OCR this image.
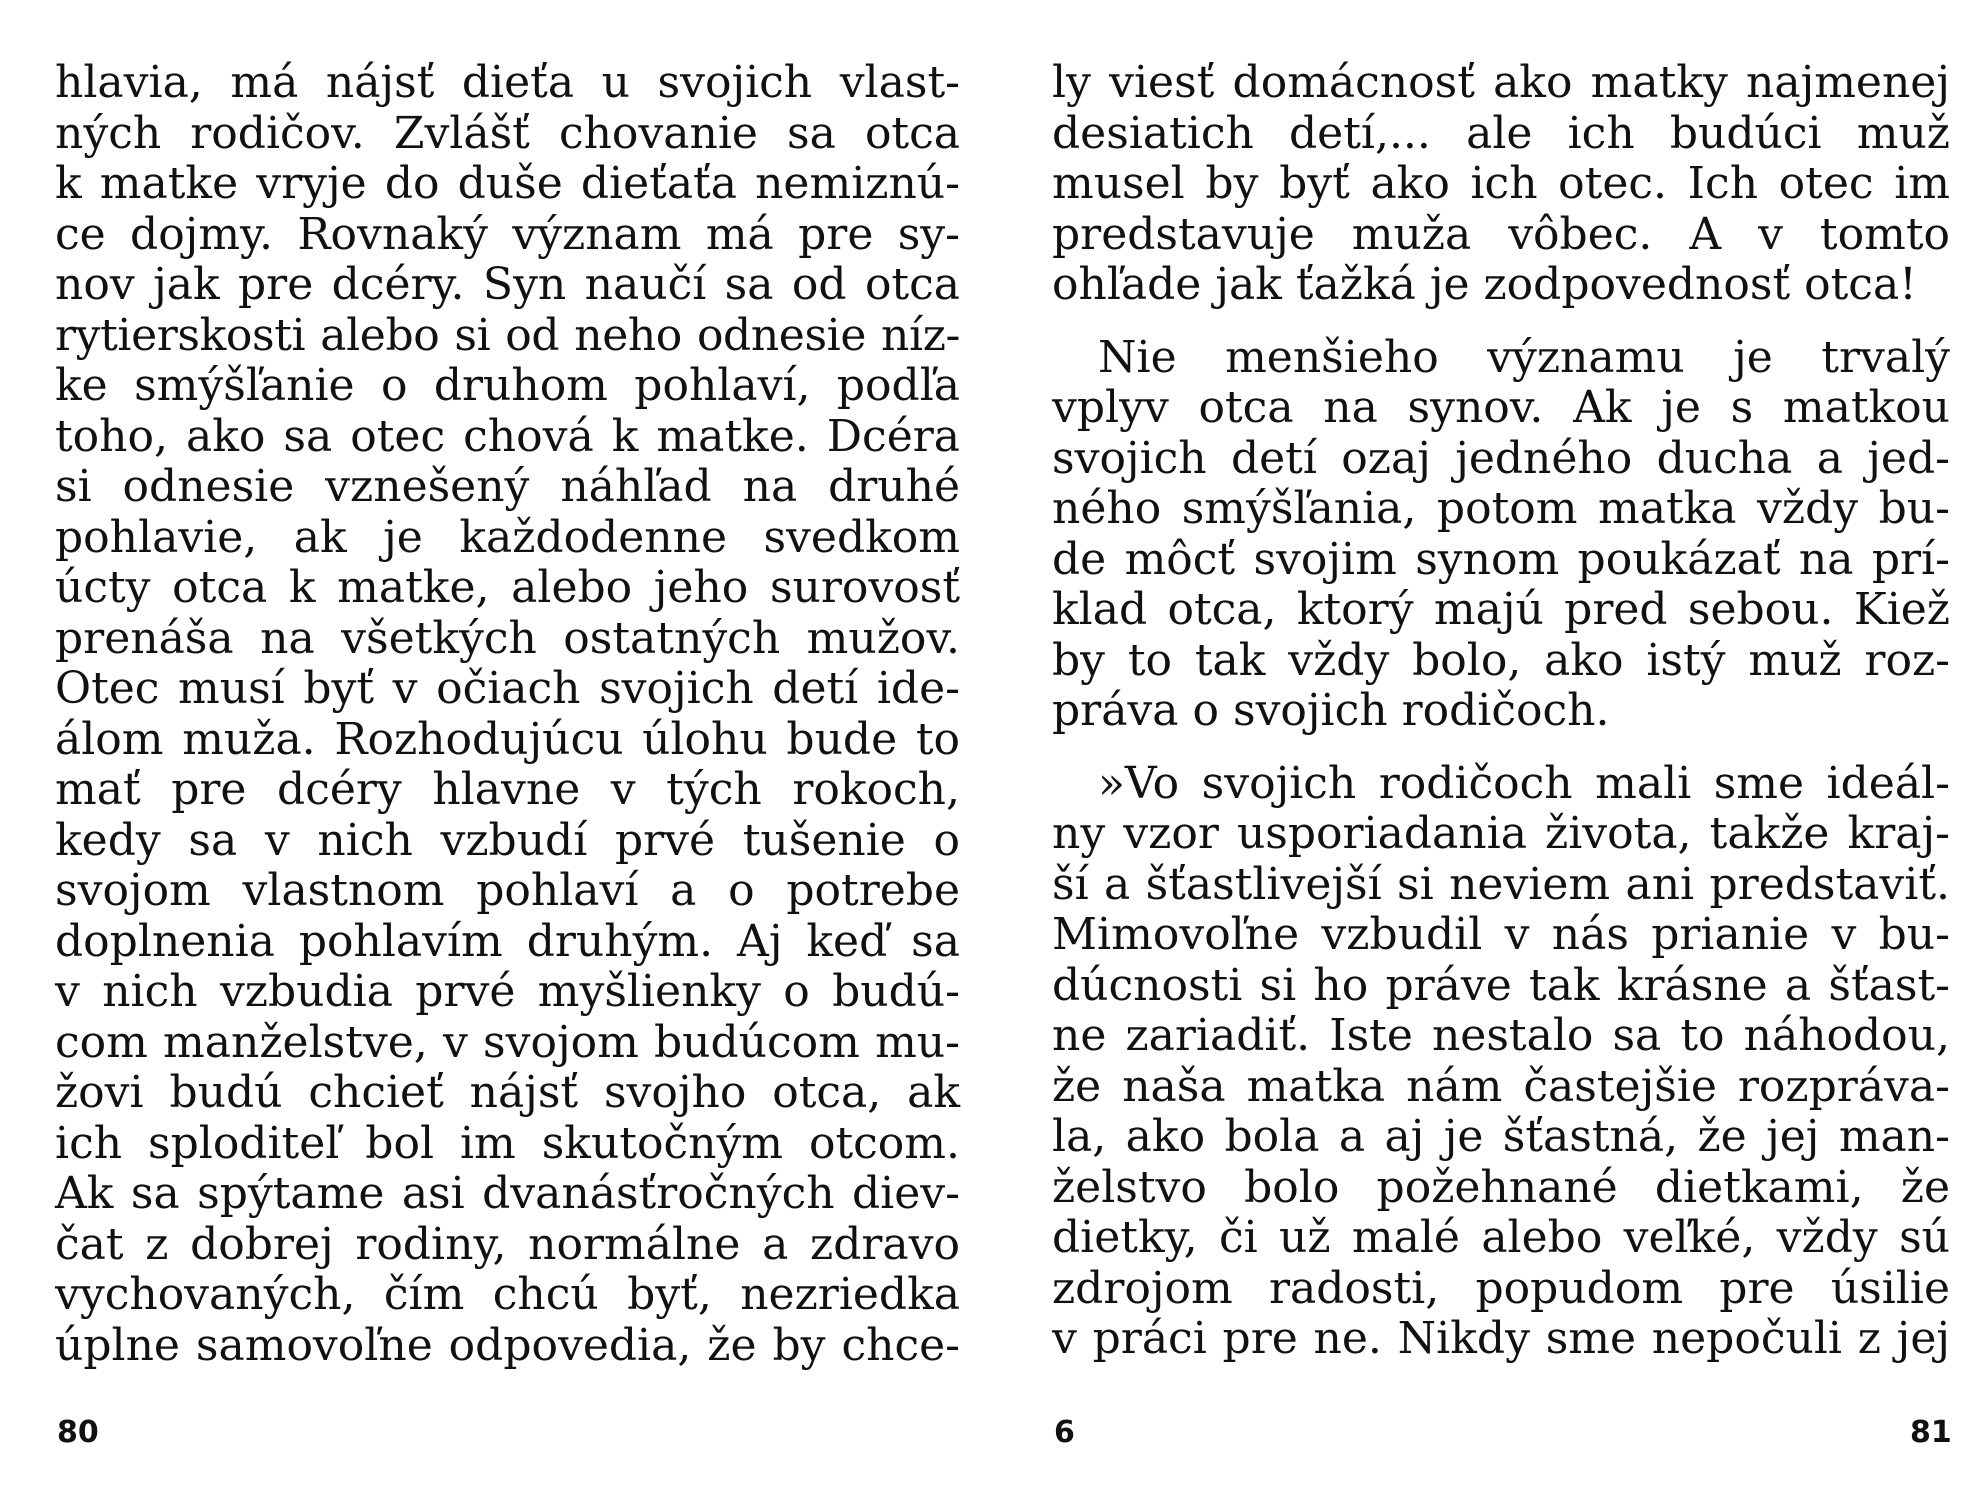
hlavia, má nájsť dieťa u svojich vlast-
ných rodičov. Zvlášť chovanie sa otca
k matke vryje do duše dieťaťa nemiznú-
ce dojmy. Rovnaký význam má pre sy-
nov jak pre dcéry. Syn naučí sa od otca
rytierskosti alebo si od neho odnesie níz-
ke smýšľanie o druhom pohlaví, podľa
toho, ako sa otec chová k matke. Dcéra
si odnesie vznešený náhľad na druhé
pohlavie, ak je každodenne svedkom
úcty otca k matke, alebo jeho surovosť
prenáša na všetkých ostatných mužov.
Otec musí byť v očiach svojich detí ide-
álom muža. Rozhodujúcu úlohu bude to
mať pre dcéry hlavne v tých rokoch,
kedy sa v nich vzbudí prvé tušenie o
svojom vlastnom pohlaví a o potrebe
doplnenia pohlavím druhým. Aj keď sa
v nich vzbudia prvé myšlienky o budú-
com manželstve, v svojom budúcom mu-
žovi budú chcieť nájsť svojho otca, ak
ich sploditeľ bol im skutočným otcom.
Ak sa spýtame asi dvanásťročných diev-
čat z dobrej rodiny, normálne a zdravo
vychovaných, čím chcú byť, nezriedka
úplne samovoľne odpovedia, že by chce-

80

ly viesť domácnosť ako matky najmenej
desiatich detí,... ale ich budúci muž
musel by byť ako ich otec. Ich otec im
predstavuje muža vôbec. A v tomto
ohľade jak ťažká je zodpovednosť otca!

Nie menšieho významu je trvalý
vplyv otca na synov. Ak je s matkou
svojich detí ozaj jedného ducha a jed-
ného smýšľania, potom matka vždy bu-
de môcť svojim synom poukázať na prí-
klad otca, ktorý majú pred sebou. Kiež
by to tak vždy bolo, ako istý muž roz-
práva o svojich rodičoch.

»Vo svojich rodičoch mali sme ideál-
ny vzor usporiadania života, takže kraj-
ší a šťastlivejší si neviem ani predstaviť.
Mimovoľne vzbudil v nás prianie v bu-
dúcnosti si ho práve tak krásne a šťast-
ne zariadiť. Iste nestalo sa to náhodou,
že naša matka nám častejšie rozpráva-
la, ako bola a aj je šťastná, že jej man-
želstvo bolo požehnané dietkami, že
dietky, či už malé alebo veľké, vždy sú
zdrojom radosti, popudom pre úsilie
v práci pre ne. Nikdy sme nepočuli z jej

6	81
